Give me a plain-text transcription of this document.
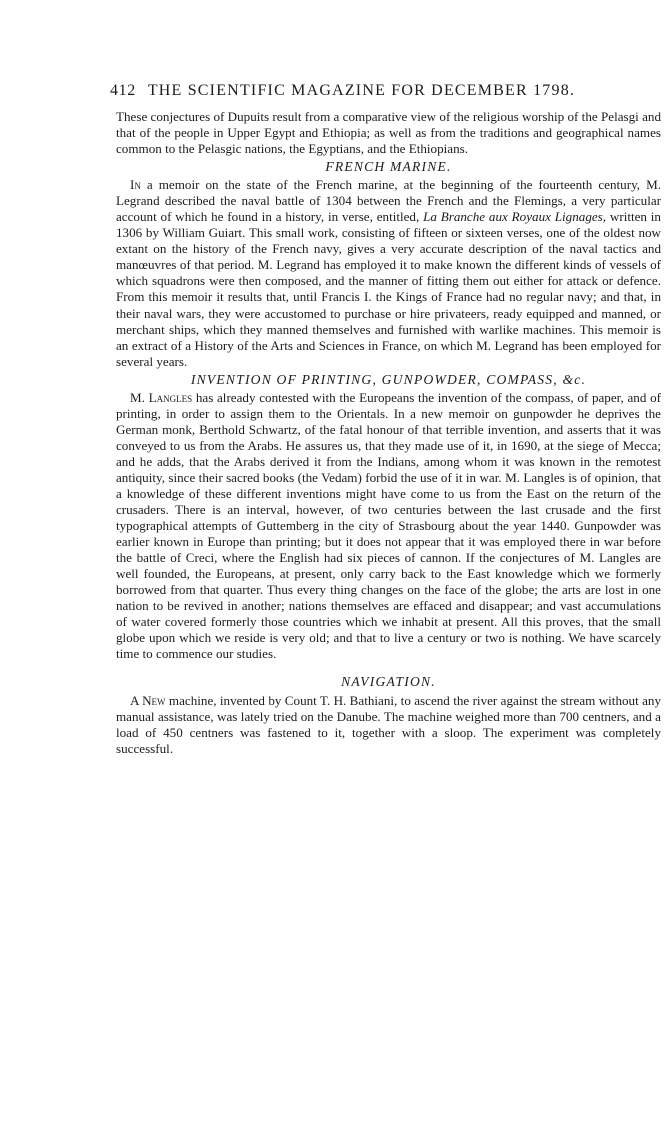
412 THE SCIENTIFIC MAGAZINE FOR DECEMBER 1798.

These conjectures of Dupuits result from a comparative view of the religious worship of the Pelasgi and that of the people in Upper Egypt and Ethiopia; as well as from the traditions and geographical names common to the Pelasgic nations, the Egyptians, and the Ethiopians.

FRENCH MARINE.

In a memoir on the state of the French marine, at the beginning of the fourteenth century, M. Legrand described the naval battle of 1304 between the French and the Flemings, a very particular account of which he found in a history, in verse, entitled, La Branche aux Royaux Lignages, written in 1306 by William Guiart. This small work, consisting of fifteen or sixteen verses, one of the oldest now extant on the history of the French navy, gives a very accurate description of the naval tactics and manœuvres of that period. M. Legrand has employed it to make known the different kinds of vessels of which squadrons were then composed, and the manner of fitting them out either for attack or defence. From this memoir it results that, until Francis I. the Kings of France had no regular navy; and that, in their naval wars, they were accustomed to purchase or hire privateers, ready equipped and manned, or merchant ships, which they manned themselves and furnished with warlike machines. This memoir is an extract of a History of the Arts and Sciences in France, on which M. Legrand has been employed for several years.

INVENTION OF PRINTING, GUNPOWDER, COMPASS, &c.

M. Langles has already contested with the Europeans the invention of the compass, of paper, and of printing, in order to assign them to the Orientals. In a new memoir on gunpowder he deprives the German monk, Berthold Schwartz, of the fatal honour of that terrible invention, and asserts that it was conveyed to us from the Arabs. He assures us, that they made use of it, in 1690, at the siege of Mecca; and he adds, that the Arabs derived it from the Indians, among whom it was known in the remotest antiquity, since their sacred books (the Vedam) forbid the use of it in war. M. Langles is of opinion, that a knowledge of these different inventions might have come to us from the East on the return of the crusaders. There is an interval, however, of two centuries between the last crusade and the first typographical attempts of Guttemberg in the city of Strasbourg about the year 1440. Gunpowder was earlier known in Europe than printing; but it does not appear that it was employed there in war before the battle of Creci, where the English had six pieces of cannon. If the conjectures of M. Langles are well founded, the Europeans, at present, only carry back to the East knowledge which we formerly borrowed from that quarter. Thus every thing changes on the face of the globe; the arts are lost in one nation to be revived in another; nations themselves are effaced and disappear; and vast accumulations of water covered formerly those countries which we inhabit at present. All this proves, that the small globe upon which we reside is very old; and that to live a century or two is nothing. We have scarcely time to commence our studies.

NAVIGATION.

A New machine, invented by Count T. H. Bathiani, to ascend the river against the stream without any manual assistance, was lately tried on the Danube. The machine weighed more than 700 centners, and a load of 450 centners was fastened to it, together with a sloop. The experiment was completely successful.
